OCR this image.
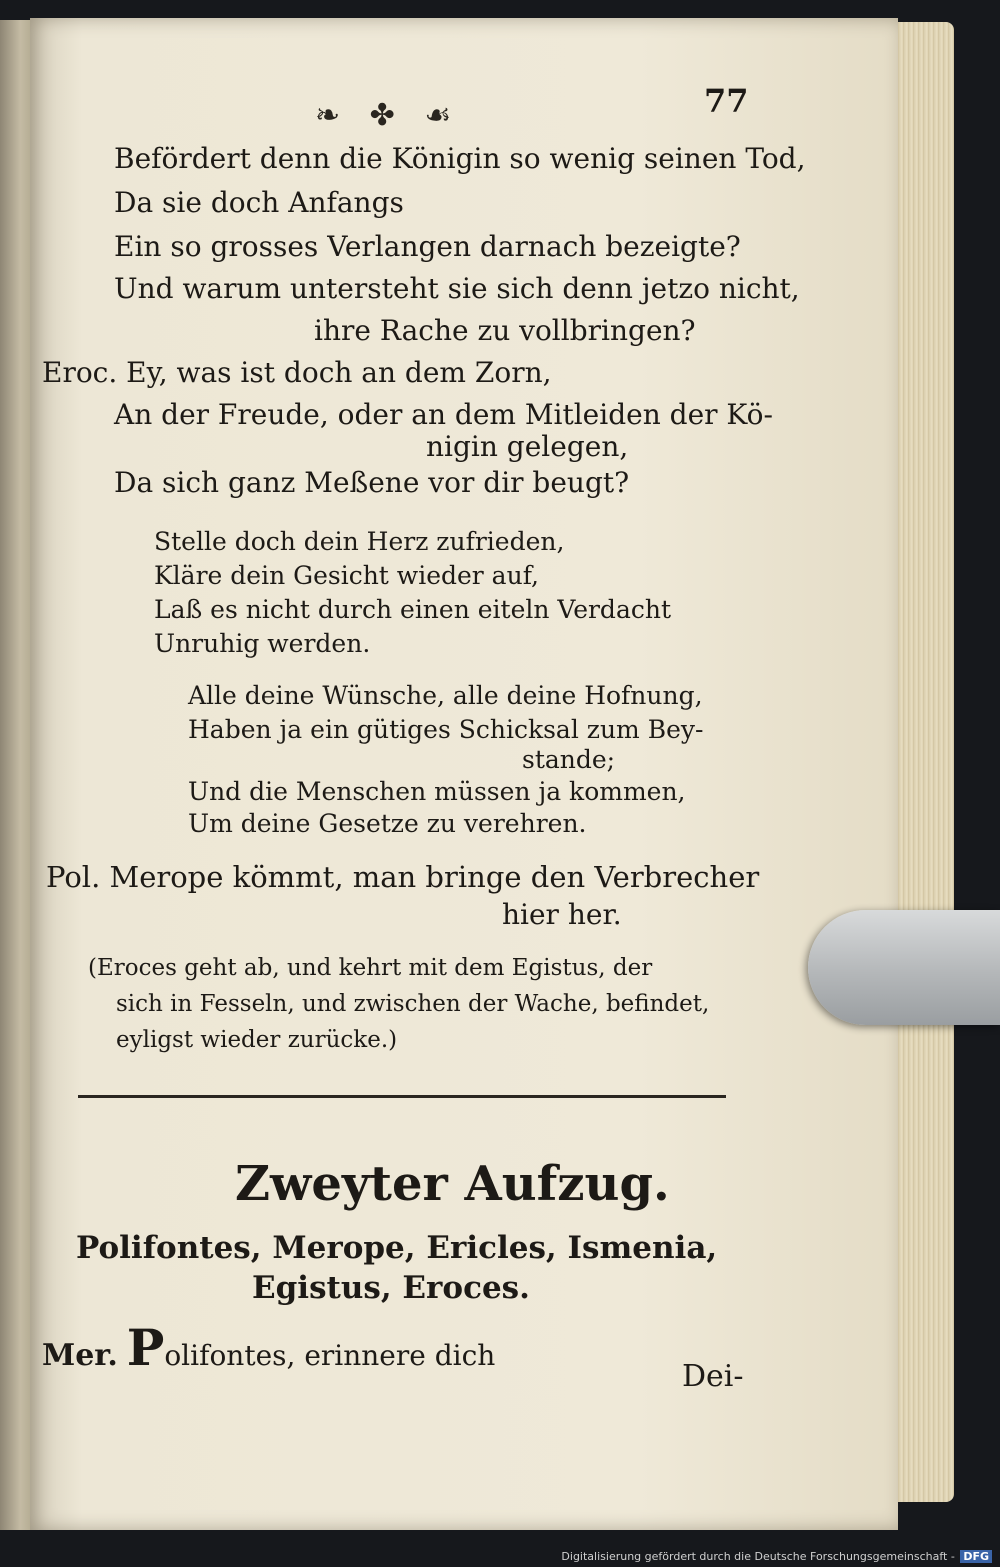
❧ ✤ ☙	77
Befördert denn die Königin so wenig seinen Tod,
Da sie doch Anfangs
Ein so grosses Verlangen darnach bezeigte?
Und warum untersteht sie sich denn jetzo nicht,
ihre Rache zu vollbringen?
Eroc. Ey, was ist doch an dem Zorn,
An der Freude, oder an dem Mitleiden der Kö-
nigin gelegen,
Da sich ganz Meßene vor dir beugt?
Stelle doch dein Herz zufrieden,
Kläre dein Gesicht wieder auf,
Laß es nicht durch einen eiteln Verdacht
Unruhig werden.
Alle deine Wünsche, alle deine Hofnung,
Haben ja ein gütiges Schicksal zum Bey-
stande;
Und die Menschen müssen ja kommen,
Um deine Gesetze zu verehren.
Pol. Merope kömmt, man bringe den Verbrecher
hier her.
(Eroces geht ab, und kehrt mit dem Egistus, der
sich in Fesseln, und zwischen der Wache, befindet,
eyligst wieder zurücke.)
Zweyter Aufzug.
Polifontes, Merope, Ericles, Ismenia,
Egistus, Eroces.
Mer. Polifontes, erinnere dich
Dei-
Digitalisierung gefördert durch die Deutsche Forschungsgemeinschaft - DFG
